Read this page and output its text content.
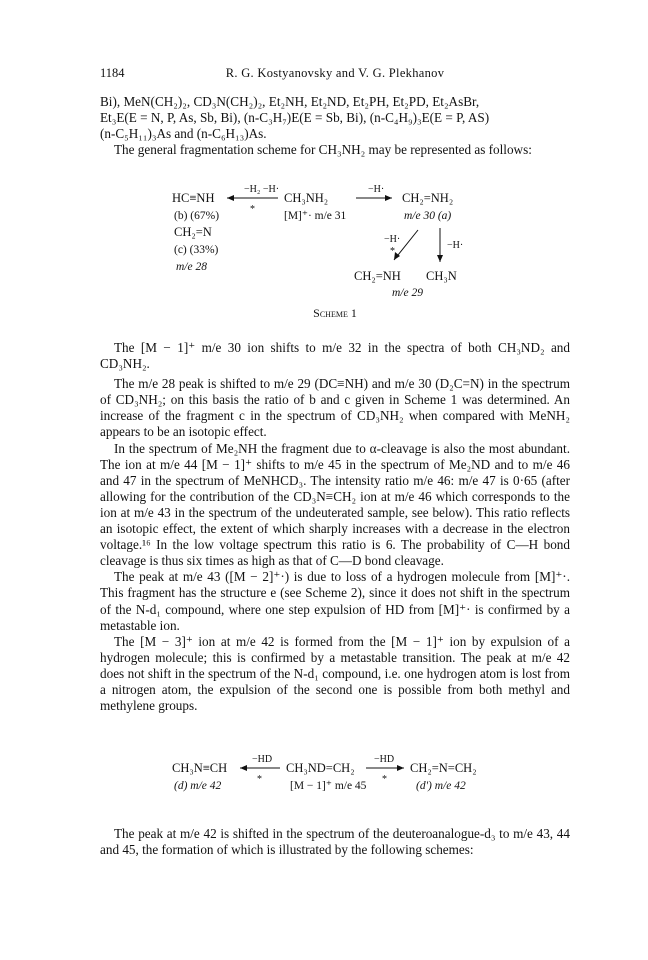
1184	R. G. Kostyanovsky and V. G. Plekhanov

Bi), MeN(CH₂)₂, CD₃N(CH₂)₂, Et₂NH, Et₂ND, Et₂PH, Et₂PD, Et₂AsBr,

Et₃E(E = N, P, As, Sb, Bi), (n-C₃H₇)E(E = Sb, Bi), (n-C₄H₉)₃E(E = P, AS)

(n-C₅H₁₁)₃As and (n-C₆H₁₃)As.

The general fragmentation scheme for CH₃NH₂ may be represented as follows:

HC≡NH
(b) (67%)
CH₂=N
(c) (33%)
m/e 28
−H₂ −H·
*
CH₃NH₂
[M]⁺· m/e 31
−H·
CH₂=NH₂
m/e 30 (a)
−H·
*
−H·
CH₂=NH CH₃N
m/e 29
Scheme 1

The [M − 1]⁺ m/e 30 ion shifts to m/e 32 in the spectra of both CH₃ND₂ and CD₃NH₂.

The m/e 28 peak is shifted to m/e 29 (DC≡NH) and m/e 30 (D₂C=N) in the spectrum of CD₃NH₂; on this basis the ratio of b and c given in Scheme 1 was determined. An increase of the fragment c in the spectrum of CD₃NH₂ when compared with MeNH₂ appears to be an isotopic effect.

In the spectrum of Me₂NH the fragment due to α-cleavage is also the most abundant. The ion at m/e 44 [M − 1]⁺ shifts to m/e 45 in the spectrum of Me₂ND and to m/e 46 and 47 in the spectrum of MeNHCD₃. The intensity ratio m/e 46: m/e 47 is 0·65 (after allowing for the contribution of the CD₃N≡CH₂ ion at m/e 46 which corresponds to the ion at m/e 43 in the spectrum of the undeuterated sample, see below). This ratio reflects an isotopic effect, the extent of which sharply increases with a decrease in the electron voltage.¹⁶ In the low voltage spectrum this ratio is 6. The probability of C—H bond cleavage is thus six times as high as that of C—D bond cleavage.

The peak at m/e 43 ([M − 2]⁺·) is due to loss of a hydrogen molecule from [M]⁺·. This fragment has the structure e (see Scheme 2), since it does not shift in the spectrum of the N-d₁ compound, where one step expulsion of HD from [M]⁺· is confirmed by a metastable ion.

The [M − 3]⁺ ion at m/e 42 is formed from the [M − 1]⁺ ion by expulsion of a hydrogen molecule; this is confirmed by a metastable transition. The peak at m/e 42 does not shift in the spectrum of the N-d₁ compound, i.e. one hydrogen atom is lost from a nitrogen atom, the expulsion of the second one is possible from both methyl and methylene groups.

CH₃N≡CH
(d) m/e 42
−HD
*
CH₃ND=CH₂
[M − 1]⁺ m/e 45
−HD
*
CH₂=N=CH₂
(d') m/e 42

The peak at m/e 42 is shifted in the spectrum of the deuteroanalogue-d₃ to m/e 43, 44 and 45, the formation of which is illustrated by the following schemes:
